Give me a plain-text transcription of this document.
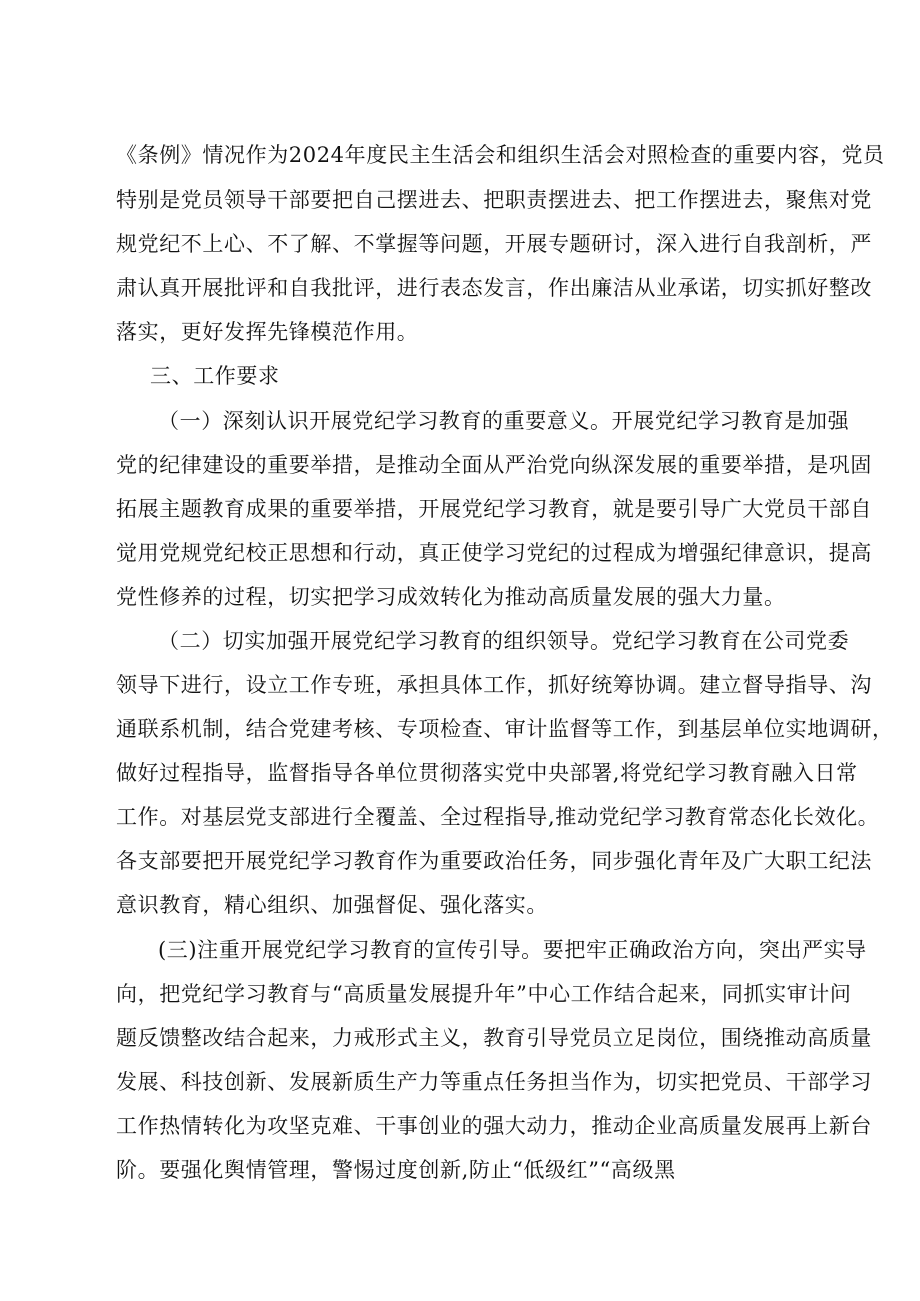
《条例》情况作为2024年度民主生活会和组织生活会对照检查的重要内容，党员
特别是党员领导干部要把自己摆进去、把职责摆进去、把工作摆进去，聚焦对党
规党纪不上心、不了解、不掌握等问题，开展专题研讨，深入进行自我剖析，严
肃认真开展批评和自我批评，进行表态发言，作出廉洁从业承诺，切实抓好整改
落实，更好发挥先锋模范作用。
三、工作要求
（一）深刻认识开展党纪学习教育的重要意义。开展党纪学习教育是加强
党的纪律建设的重要举措，是推动全面从严治党向纵深发展的重要举措，是巩固
拓展主题教育成果的重要举措，开展党纪学习教育，就是要引导广大党员干部自
觉用党规党纪校正思想和行动，真正使学习党纪的过程成为增强纪律意识，提高
党性修养的过程，切实把学习成效转化为推动高质量发展的强大力量。
（二）切实加强开展党纪学习教育的组织领导。党纪学习教育在公司党委
领导下进行，设立工作专班，承担具体工作，抓好统筹协调。建立督导指导、沟
通联系机制，结合党建考核、专项检查、审计监督等工作，到基层单位实地调研，
做好过程指导，监督指导各单位贯彻落实党中央部署,将党纪学习教育融入日常
工作。对基层党支部进行全覆盖、全过程指导,推动党纪学习教育常态化长效化。
各支部要把开展党纪学习教育作为重要政治任务，同步强化青年及广大职工纪法
意识教育，精心组织、加强督促、强化落实。
(三)注重开展党纪学习教育的宣传引导。要把牢正确政治方向，突出严实导
向，把党纪学习教育与“高质量发展提升年”中心工作结合起来，同抓实审计问
题反馈整改结合起来，力戒形式主义，教育引导党员立足岗位，围绕推动高质量
发展、科技创新、发展新质生产力等重点任务担当作为，切实把党员、干部学习
工作热情转化为攻坚克难、干事创业的强大动力，推动企业高质量发展再上新台
阶。要强化舆情管理，警惕过度创新,防止“低级红”“高级黑
